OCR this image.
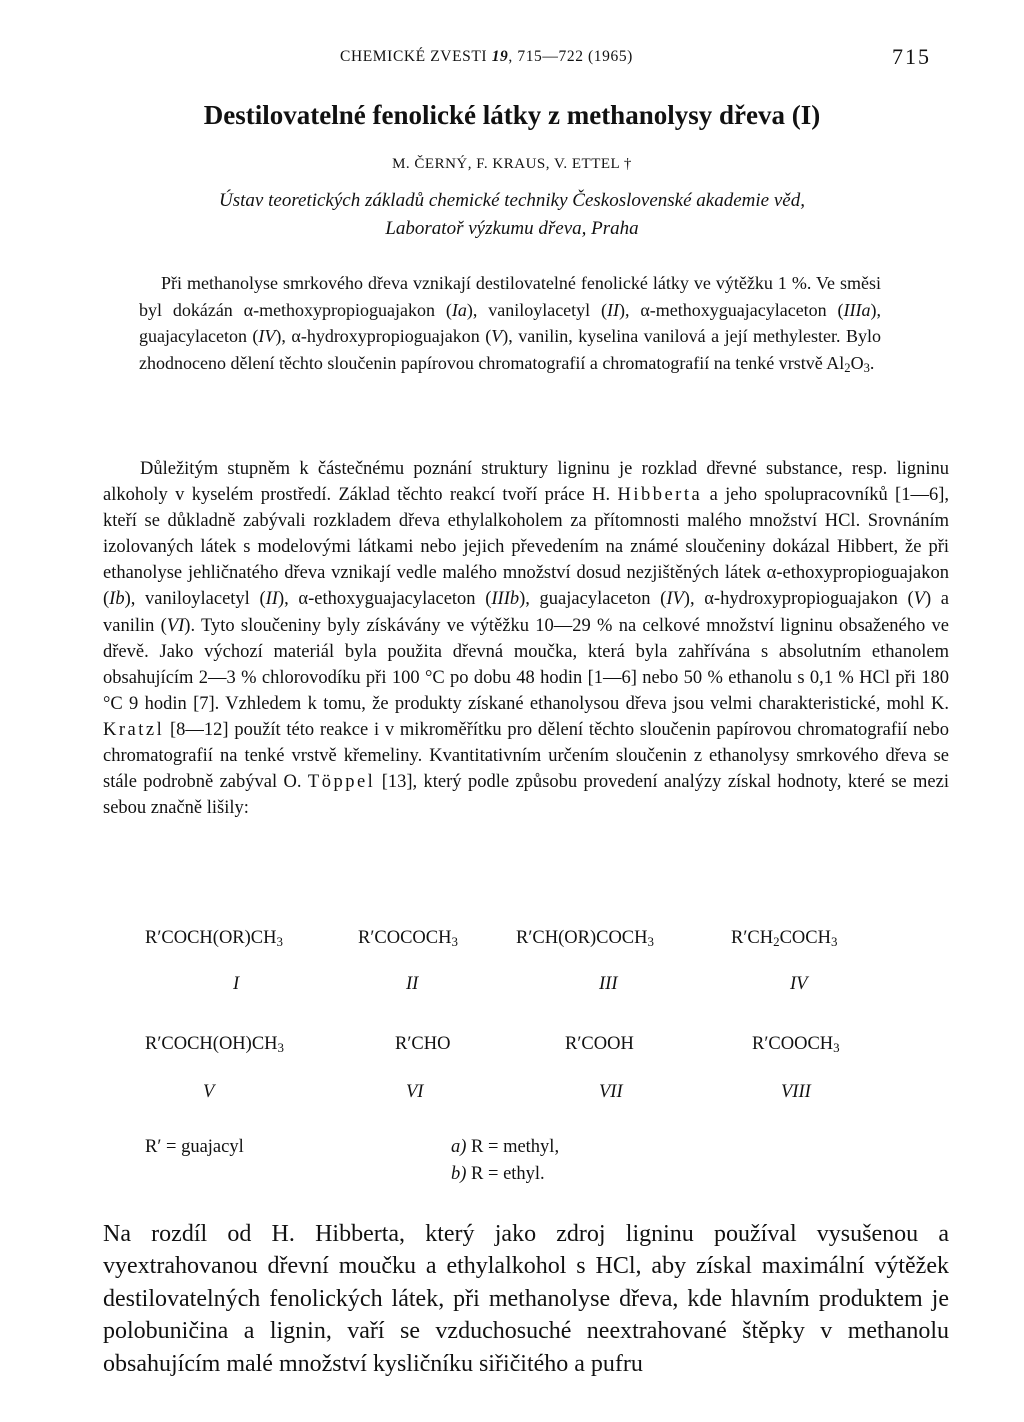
CHEMICKÉ ZVESTI 19, 715—722 (1965)	715
Destilovatelné fenolické látky z methanolysy dřeva (I)
M. ČERNÝ, F. KRAUS, V. ETTEL †
Ústav teoretických základů chemické techniky Československé akademie věd,
Laboratoř výzkumu dřeva, Praha

Při methanolyse smrkového dřeva vznikají destilovatelné fenolické látky ve výtěžku 1 %. Ve směsi byl dokázán α-methoxypropioguajakon (Ia), vaniloylacetyl (II), α-methoxyguajacylaceton (IIIa), guajacylaceton (IV), α-hydroxypropioguajakon (V), vanilin, kyselina vanilová a její methylester. Bylo zhodnoceno dělení těchto sloučenin papírovou chromatografií a chromatografií na tenké vrstvě $Al_2O_3$.

Důležitým stupněm k částečnému poznání struktury ligninu je rozklad dřevné substance, resp. ligninu alkoholy v kyselém prostředí. Základ těchto reakcí tvoří práce H. Hibberta a jeho spolupracovníků [1—6], kteří se důkladně zabývali rozkladem dřeva ethylalkoholem za přítomnosti malého množství HCl. Srovnáním izolovaných látek s modelovými látkami nebo jejich převedením na známé sloučeniny dokázal Hibbert, že při ethanolyse jehličnatého dřeva vznikají vedle malého množství dosud nezjištěných látek α-ethoxypropioguajakon (Ib), vaniloylacetyl (II), α-ethoxyguajacylaceton (IIIb), guajacylaceton (IV), α-hydroxypropioguajakon (V) a vanilin (VI). Tyto sloučeniny byly získávány ve výtěžku 10—29 % na celkové množství ligninu obsaženého ve dřevě. Jako výchozí materiál byla použita dřevná moučka, která byla zahřívána s absolutním ethanolem obsahujícím 2—3 % chlorovodíku při 100 °C po dobu 48 hodin [1—6] nebo 50 % ethanolu s 0,1 % HCl při 180 °C 9 hodin [7]. Vzhledem k tomu, že produkty získané ethanolysou dřeva jsou velmi charakteristické, mohl K. Kratzl [8—12] použít této reakce i v mikroměřítku pro dělení těchto sloučenin papírovou chromatografií nebo chromatografií na tenké vrstvě křemeliny. Kvantitativním určením sloučenin z ethanolysy smrkového dřeva se stále podrobně zabýval O. Töppel [13], který podle způsobu provedení analýzy získal hodnoty, které se mezi sebou značně lišily:

$R'COCH(OR)CH_3$	$R'COCOCH_3$	$R'CH(OR)COCH_3$	$R'CH_2COCH_3$
I	II	III	IV
$R'COCH(OH)CH_3$	R′CHO	R′COOH	$R'COOCH_3$
V	VI	VII	VIII
R′ = guajacyl	a) R = methyl,
b) R = ethyl.

Na rozdíl od H. Hibberta, který jako zdroj ligninu používal vysušenou a vyextrahovanou dřevní moučku a ethylalkohol s HCl, aby získal maximální výtěžek destilovatelných fenolických látek, při methanolyse dřeva, kde hlavním produktem je polobuničina a lignin, vaří se vzduchosuché neextrahované štěpky v methanolu obsahujícím malé množství kysličníku siřičitého a pufru
